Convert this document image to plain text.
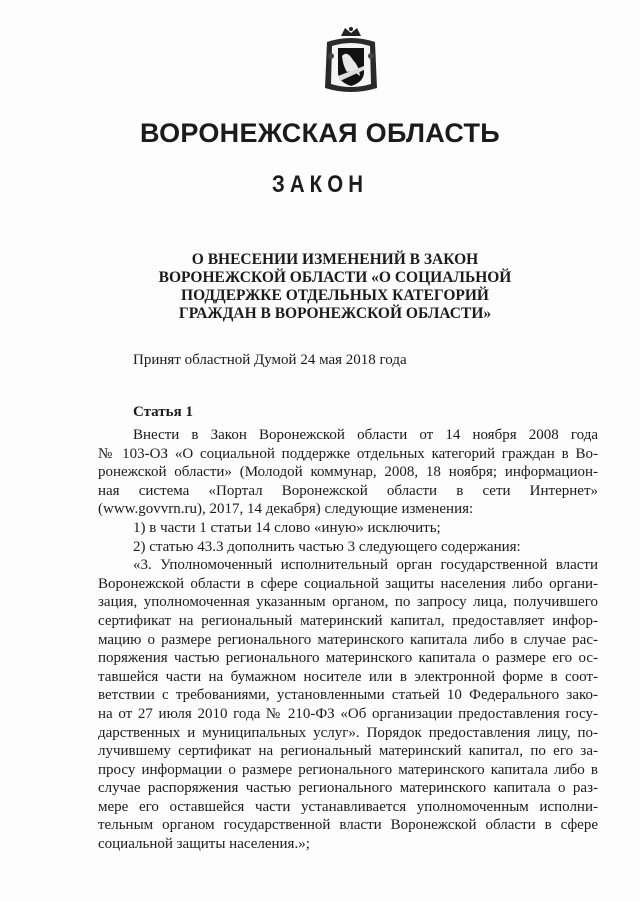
ВОРОНЕЖСКАЯ ОБЛАСТЬ
ЗАКОН
О ВНЕСЕНИИ ИЗМЕНЕНИЙ В ЗАКОН
ВОРОНЕЖСКОЙ ОБЛАСТИ «О СОЦИАЛЬНОЙ
ПОДДЕРЖКЕ ОТДЕЛЬНЫХ КАТЕГОРИЙ
ГРАЖДАН В ВОРОНЕЖСКОЙ ОБЛАСТИ»
Принят областной Думой 24 мая 2018 года
Статья 1
Внести в Закон Воронежской области от 14 ноября 2008 года
№ 103-ОЗ «О социальной поддержке отдельных категорий граждан в Во-
ронежской области» (Молодой коммунар, 2008, 18 ноября; информацион-
ная система «Портал Воронежской области в сети Интернет»
(www.govvrn.ru), 2017, 14 декабря) следующие изменения:
1) в части 1 статьи 14 слово «иную» исключить;
2) статью 43.3 дополнить частью 3 следующего содержания:
«3. Уполномоченный исполнительный орган государственной власти
Воронежской области в сфере социальной защиты населения либо органи-
зация, уполномоченная указанным органом, по запросу лица, получившего
сертификат на региональный материнский капитал, предоставляет инфор-
мацию о размере регионального материнского капитала либо в случае рас-
поряжения частью регионального материнского капитала о размере его ос-
тавшейся части на бумажном носителе или в электронной форме в соот-
ветствии с требованиями, установленными статьей 10 Федерального зако-
на от 27 июля 2010 года № 210-ФЗ «Об организации предоставления госу-
дарственных и муниципальных услуг». Порядок предоставления лицу, по-
лучившему сертификат на региональный материнский капитал, по его за-
просу информации о размере регионального материнского капитала либо в
случае распоряжения частью регионального материнского капитала о раз-
мере его оставшейся части устанавливается уполномоченным исполни-
тельным органом государственной власти Воронежской области в сфере
социальной защиты населения.»;
